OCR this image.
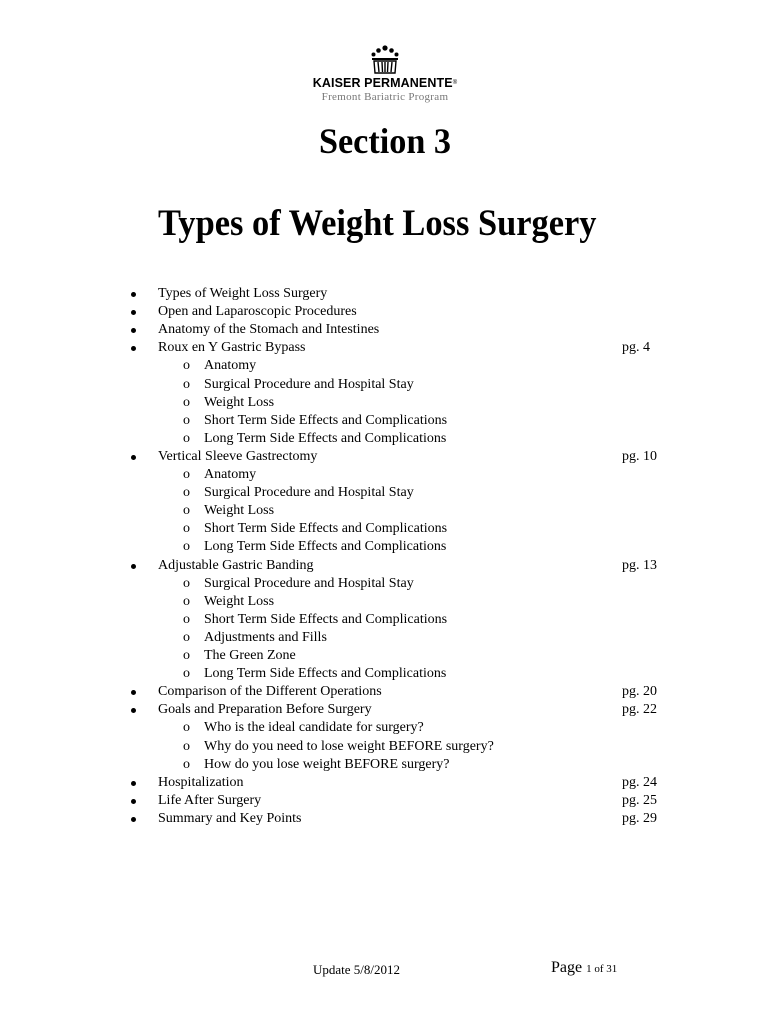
KAISER PERMANENTE®
Fremont Bariatric Program
Section 3
Types of Weight Loss Surgery
Types of Weight Loss Surgery
Open and Laparoscopic Procedures
Anatomy of the Stomach and Intestines
Roux en Y Gastric Bypass	pg. 4
o Anatomy
o Surgical Procedure and Hospital Stay
o Weight Loss
o Short Term Side Effects and Complications
o Long Term Side Effects and Complications
Vertical Sleeve Gastrectomy	pg. 10
o Anatomy
o Surgical Procedure and Hospital Stay
o Weight Loss
o Short Term Side Effects and Complications
o Long Term Side Effects and Complications
Adjustable Gastric Banding	pg. 13
o Surgical Procedure and Hospital Stay
o Weight Loss
o Short Term Side Effects and Complications
o Adjustments and Fills
o The Green Zone
o Long Term Side Effects and Complications
Comparison of the Different Operations	pg. 20
Goals and Preparation Before Surgery	pg. 22
o Who is the ideal candidate for surgery?
o Why do you need to lose weight BEFORE surgery?
o How do you lose weight BEFORE surgery?
Hospitalization	pg. 24
Life After Surgery	pg. 25
Summary and Key Points	pg. 29
Update 5/8/2012	Page 1 of 31
